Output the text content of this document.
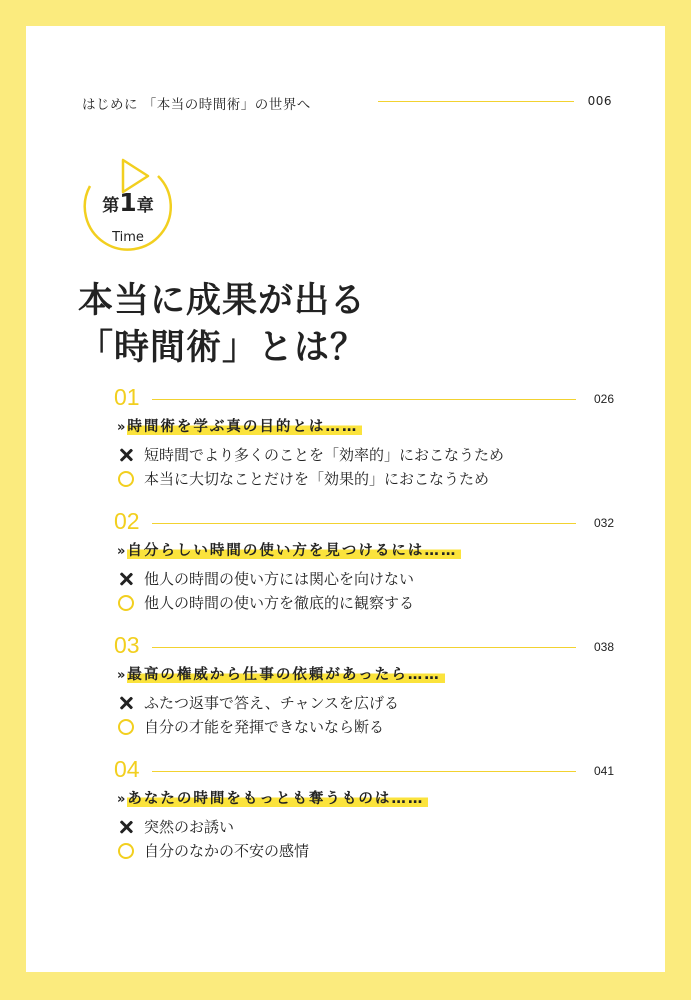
はじめに 「本当の時間術」の世界へ	006
第1章
Time
本当に成果が出る
「時間術」とは？
01	026
» 時間術を学ぶ真の目的とは……
短時間でより多くのことを「効率的」におこなうため
本当に大切なことだけを「効果的」におこなうため
02	032
» 自分らしい時間の使い方を見つけるには……
他人の時間の使い方には関心を向けない
他人の時間の使い方を徹底的に観察する
03	038
» 最高の権威から仕事の依頼があったら……
ふたつ返事で答え、チャンスを広げる
自分の才能を発揮できないなら断る
04	041
» あなたの時間をもっとも奪うものは……
突然のお誘い
自分のなかの不安の感情
